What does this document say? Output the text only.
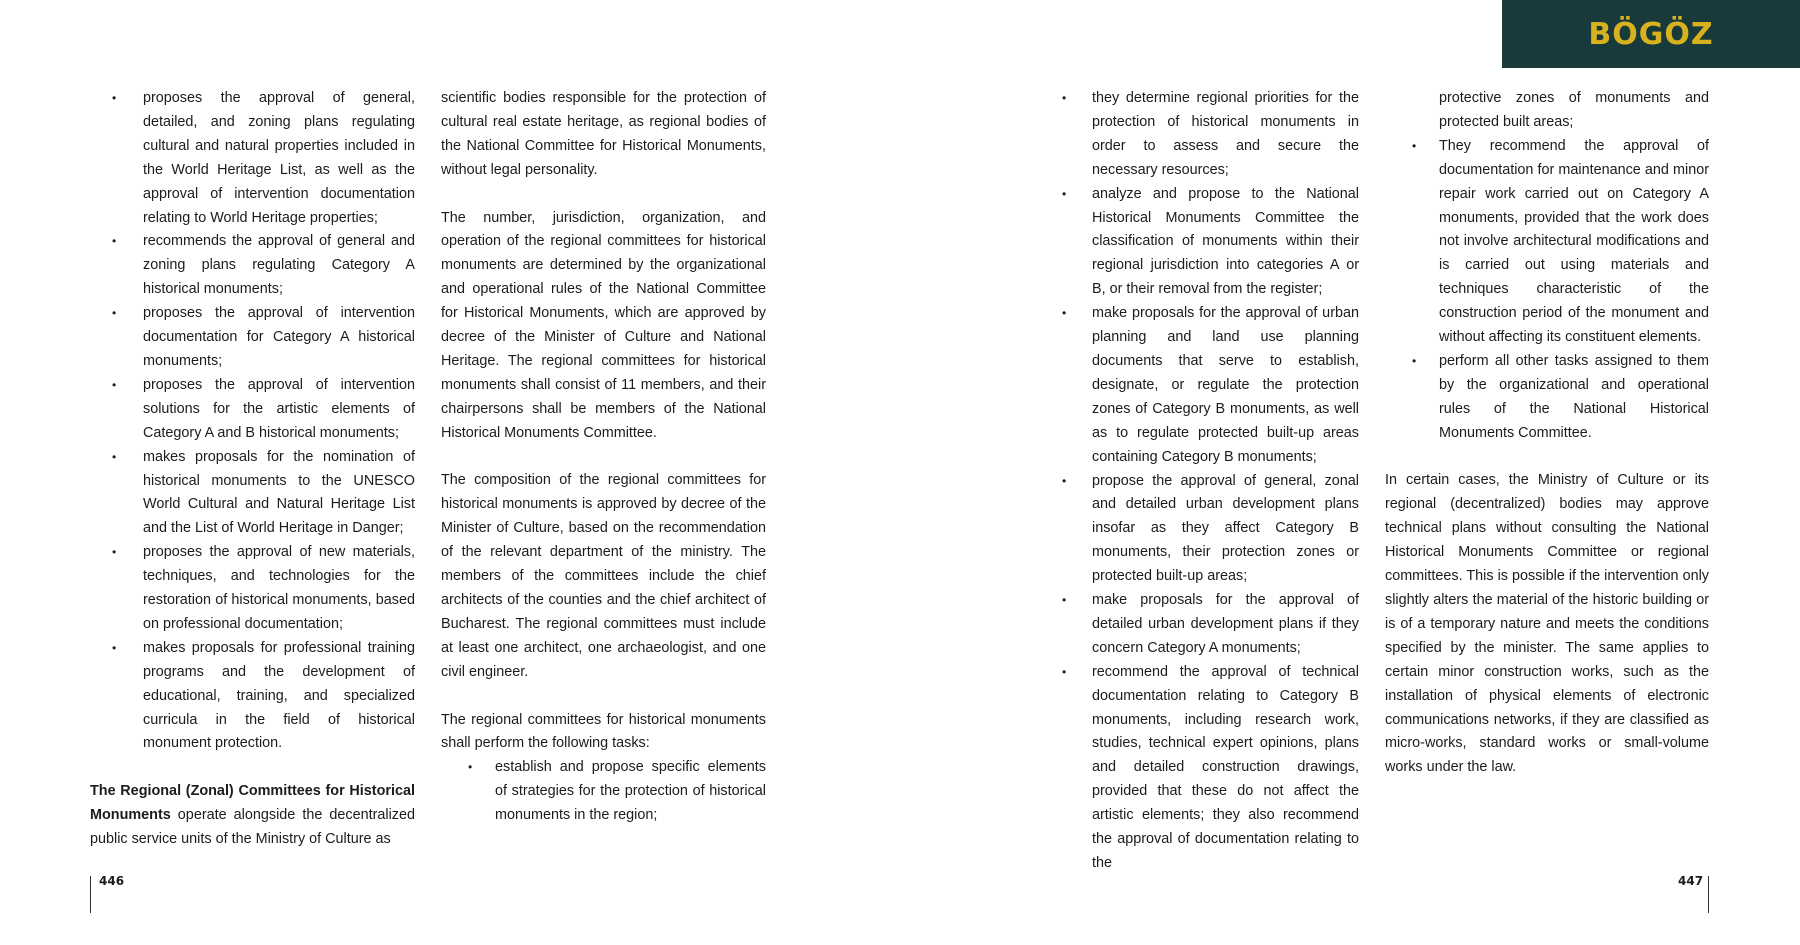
BÖGÖZ
• proposes the approval of general, detailed, and zoning plans regulating cultural and natural properties included in the World Heritage List, as well as the approval of intervention documentation relating to World Heritage properties;
• recommends the approval of general and zoning plans regulating Category A historical monuments;
• proposes the approval of intervention documentation for Category A historical monuments;
• proposes the approval of intervention solutions for the artistic elements of Category A and B historical monuments;
• makes proposals for the nomination of historical monuments to the UNESCO World Cultural and Natural Heritage List and the List of World Heritage in Danger;
• proposes the approval of new materials, techniques, and technologies for the restoration of historical monuments, based on professional documentation;
• makes proposals for professional training programs and the development of educational, training, and specialized curricula in the field of historical monument protection.

The Regional (Zonal) Committees for Historical Monuments operate alongside the decentralized public service units of the Ministry of Culture as

scientific bodies responsible for the protection of cultural real estate heritage, as regional bodies of the National Committee for Historical Monuments, without legal personality.

The number, jurisdiction, organization, and operation of the regional committees for historical monuments are determined by the organizational and operational rules of the National Committee for Historical Monuments, which are approved by decree of the Minister of Culture and National Heritage. The regional committees for historical monuments shall consist of 11 members, and their chairpersons shall be members of the National Historical Monuments Committee.

The composition of the regional committees for historical monuments is approved by decree of the Minister of Culture, based on the recommendation of the relevant department of the ministry. The members of the committees include the chief architects of the counties and the chief architect of Bucharest. The regional committees must include at least one architect, one archaeologist, and one civil engineer.

The regional committees for historical monuments shall perform the following tasks:

• establish and propose specific elements of strategies for the protection of historical monuments in the region;
• they determine regional priorities for the protection of historical monuments in order to assess and secure the necessary resources;
• analyze and propose to the National Historical Monuments Committee the classification of monuments within their regional jurisdiction into categories A or B, or their removal from the register;
• make proposals for the approval of urban planning and land use planning documents that serve to establish, designate, or regulate the protection zones of Category B monuments, as well as to regulate protected built-up areas containing Category B monuments;
• propose the approval of general, zonal and detailed urban development plans insofar as they affect Category B monuments, their protection zones or protected built-up areas;
• make proposals for the approval of detailed urban development plans if they concern Category A monuments;
• recommend the approval of technical documentation relating to Category B monuments, including research work, studies, technical expert opinions, plans and detailed construction drawings, provided that these do not affect the artistic elements; they also recommend the approval of documentation relating to the
protective zones of monuments and protected built areas;
• They recommend the approval of documentation for maintenance and minor repair work carried out on Category A monuments, provided that the work does not involve architectural modifications and is carried out using materials and techniques characteristic of the construction period of the monument and without affecting its constituent elements.
• perform all other tasks assigned to them by the organizational and operational rules of the National Historical Monuments Committee.

In certain cases, the Ministry of Culture or its regional (decentralized) bodies may approve technical plans without consulting the National Historical Monuments Committee or regional committees. This is possible if the intervention only slightly alters the material of the historic building or is of a temporary nature and meets the conditions specified by the minister. The same applies to certain minor construction works, such as the installation of physical elements of electronic communications networks, if they are classified as micro-works, standard works or small-volume works under the law.

446	447
